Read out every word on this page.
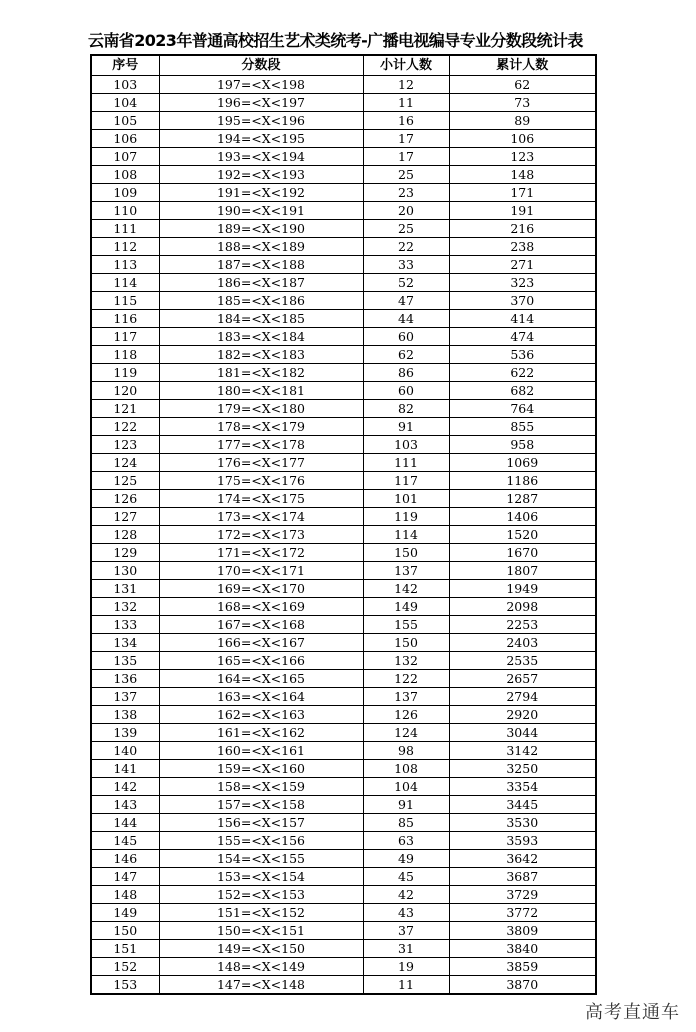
云南省2023年普通高校招生艺术类统考-广播电视编导专业分数段统计表
序号	分数段	小计人数	累计人数
103	197=<X<198	12	62
104	196=<X<197	11	73
105	195=<X<196	16	89
106	194=<X<195	17	106
107	193=<X<194	17	123
108	192=<X<193	25	148
109	191=<X<192	23	171
110	190=<X<191	20	191
111	189=<X<190	25	216
112	188=<X<189	22	238
113	187=<X<188	33	271
114	186=<X<187	52	323
115	185=<X<186	47	370
116	184=<X<185	44	414
117	183=<X<184	60	474
118	182=<X<183	62	536
119	181=<X<182	86	622
120	180=<X<181	60	682
121	179=<X<180	82	764
122	178=<X<179	91	855
123	177=<X<178	103	958
124	176=<X<177	111	1069
125	175=<X<176	117	1186
126	174=<X<175	101	1287
127	173=<X<174	119	1406
128	172=<X<173	114	1520
129	171=<X<172	150	1670
130	170=<X<171	137	1807
131	169=<X<170	142	1949
132	168=<X<169	149	2098
133	167=<X<168	155	2253
134	166=<X<167	150	2403
135	165=<X<166	132	2535
136	164=<X<165	122	2657
137	163=<X<164	137	2794
138	162=<X<163	126	2920
139	161=<X<162	124	3044
140	160=<X<161	98	3142
141	159=<X<160	108	3250
142	158=<X<159	104	3354
143	157=<X<158	91	3445
144	156=<X<157	85	3530
145	155=<X<156	63	3593
146	154=<X<155	49	3642
147	153=<X<154	45	3687
148	152=<X<153	42	3729
149	151=<X<152	43	3772
150	150=<X<151	37	3809
151	149=<X<150	31	3840
152	148=<X<149	19	3859
153	147=<X<148	11	3870
高考直通车
